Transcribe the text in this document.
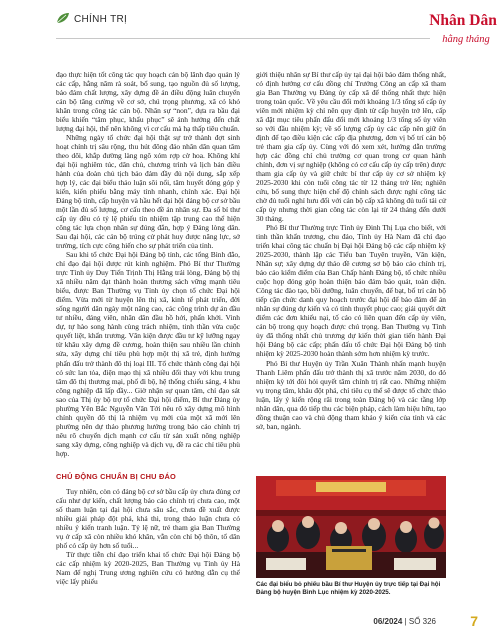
CHÍNH TRỊ	Nhân Dân
hằng tháng

đạo thực hiện tốt công tác quy hoạch cán bộ lãnh đạo quản lý các cấp, hằng năm rà soát, bổ sung, tạo nguồn đủ số lượng, bảo đảm chất lượng, xây dựng đề án điều động luân chuyển cán bộ tăng cường về cơ sở, chú trọng phương, xã có khó khăn trong công tác cán bộ. Nhân sự “non”, dựa ra bầu đại biểu khiến “tâm phục, khẩu phục” sẽ ảnh hưởng đến chất lượng đại hội, thể nên không vì cơ cấu mà hạ thấp tiêu chuẩn.

Những ngày tổ chức đại hội thật sự trở thành đợt sinh hoạt chính trị sâu rộng, thu hút đông đảo nhân dân quan tâm theo dõi, khắp đường làng ngõ xóm rợp cờ hoa. Không khí đại hội nghiêm túc, dân chủ, chương trình và lịch bản điều hành của đoàn chủ tịch bảo đảm đầy đủ nội dung, sắp xếp hợp lý, các đại biểu thảo luận sôi nổi, tâm huyết đóng góp ý kiến, kiến phiếu bằng máy tính nhanh, chính xác. Đại hội Đảng bộ tỉnh, cấp huyện và hầu hết đại hội đảng bộ cơ sở bầu một lần đủ số lượng, cơ cấu theo đề án nhân sự. Đa số bí thư cấp ủy đều có tỷ lệ phiếu tín nhiệm tập trung cao thể hiện công tác lựa chọn nhân sự đúng đắn, hợp ý Đảng lòng dân. Sau đại hội, các cán bộ trúng cử phát huy được năng lực, sở trường, tích cực công hiến cho sự phát triển của tỉnh.

Sau khi tổ chức Đại hội Đảng bộ tỉnh, các tổng Bình đẳo, chỉ đạo đại hội được rút kinh nghiệm. Phó Bí thư Thường trực Tỉnh ủy Duy Tiến Trịnh Thị Hằng trải lòng, Đảng bộ thị xã nhiều năm đạt thành hoàn thương sách vững mạnh tiêu biểu, được Ban Thường vụ Tỉnh ủy chọn tổ chức Đại hội điểm. Vừa mới từ huyện lên thị xã, kinh tế phát triển, đời sống người dân ngày một nâng cao, các công trình dự án đầu tư nhiều, đáng viên, nhân dân đầu hồ hởi, phấn khởi. Vinh dự, tự hào song hành cùng trách nhiệm, tinh thần vừa cuộc quyết liệt, khẩn trương. Văn kiện được đầu tư kỹ lưỡng ngay từ khâu xây dựng đề cương, hoàn thiện sau nhiều lần chỉnh sửa, xây dựng chỉ tiêu phù hợp một thị xã trẻ, định hướng phấn đấu trở thành đô thị loại III. Tổ chức thành công đại hội có sức lan tỏa, điện mạo thị xã nhiều đổi thay với khu trung tâm đô thị thương mại, phố đi bộ, hệ thống chiếu sáng, 4 khu công nghiệp đã lấp đầy... Giờ nhận sự quan tâm, chỉ đạo sát sao của Thị ủy bộ trợ tổ chức Đại hội điểm, Bí thư Đảng ủy phường Yên Bắc Nguyễn Văn Tới nêu rõ xây dựng mô hình chính quyền đô thị là nhiệm vụ mới của một xã mới lên phường nên dự thảo phương hướng trong báo cáo chính trị nêu rõ chuyển dịch mạnh cơ cấu từ sản xuất nông nghiệp sang xây dựng, công nghiệp và dịch vụ, đề ra các chỉ tiêu phù hợp.

CHỦ ĐỘNG CHUẨN BỊ CHU ĐÁO

Tuy nhiên, còn có đảng bộ cơ sở bầu cấp ủy chưa đủng cơ cấu như dự kiến, chất lượng báo cáo chính trị chưa cao, một số tham luận tại đại hội chưa sâu sắc, chưa đề xuất được nhiều giải pháp đột phá, khả thi, trong thảo luận chưa có nhiều ý kiến tranh luận. Tỷ lệ nữ, trẻ tham gia Ban Thường vụ ở cấp xã còn nhiều khó khăn, vẫn còn chỉ bộ thôn, tổ dân phố có cấp ủy hơn số tuổi...

Từ thực tiễn chỉ đạo triển khai tổ chức Đại hội Đảng bộ các cấp nhiệm kỳ 2020-2025, Ban Thường vụ Tỉnh ủy Hà Nam để nghị Trung ương nghiên cứu có hướng dẫn cụ thể việc lấy phiếu

giới thiệu nhân sự Bí thư cấp ủy tại đại hội bảo đảm thống nhất, có định hướng cơ cấu đồng chí Trưởng Công an cấp xã tham gia Ban Thường vụ Đảng ủy cấp xã để thống nhất thực hiện trong toàn quốc. Về yêu cầu đổi mới khoảng 1/3 tổng số cấp ủy viên mới nhiệm kỳ chỉ nên quy định từ cấp huyện trở lên, cấp xã đặt mục tiêu phấn đấu đổi mới khoảng 1/3 tổng số ủy viên so với đầu nhiệm kỳ; về số lượng cấp ủy các cấp nên giữ ổn định để tạo điều kiện các cấp địa phương, đơn vị bố trí cán bộ trẻ tham gia cấp ủy. Cùng với đó xem xét, hướng dẫn trường hợp các đồng chí chủ trường cơ quan trong cơ quan hành chính, đơn vị sự nghiệp (không có cơ cấu cấp ủy cấp trên) được tham gia cấp ủy và giữ chức bí thư cấp ủy cơ sở nhiệm kỳ 2025-2030 khi còn tuổi công tác từ 12 tháng trở lên; nghiên cứu, bổ sung thực hiện chế độ chính sách được nghỉ công tác chờ đủ tuổi nghỉ hưu đối với cán bộ cấp xã không đủ tuổi tái cử cấp ủy nhưng thời gian công tác còn lại từ 24 tháng đến dưới 30 tháng.

Phó Bí thư Thường trực Tỉnh ủy Đinh Thị Lụa cho biết, với tinh thần khẩn trương, chu đáo, Tỉnh ủy Hà Nam đã chỉ đạo triển khai công tác chuẩn bị Đại hội Đảng bộ các cấp nhiệm kỳ 2025-2030, thành lập các Tiểu ban Tuyên truyền, Văn kiện, Nhân sự; xây dựng dự thảo đề cương sơ bộ báo cáo chính trị, báo cáo kiểm điểm của Ban Chấp hành Đảng bộ, tổ chức nhiều cuộc họp đóng góp hoàn thiện báo đảm báo quát, toàn diện. Công tác đào tạo, bồi dưỡng, luân chuyển, để bạt, bố trí cán bộ tiếp cận chức danh quy hoạch trước đại hội để bảo đảm để án nhân sự đúng dự kiến và có tính thuyết phục cao; giải quyết dứt điểm các đơn khiếu nại, tố cáo có liên quan đến cấp ủy viên, cán bộ trong quy hoạch được chú trọng. Ban Thường vụ Tỉnh ủy đã thống nhất chủ trương dự kiến thời gian tiến hành Đại hội Đảng bộ các cấp; phấn đấu tổ chức Đại hội Đảng bộ tỉnh nhiệm kỳ 2025-2030 hoàn thành sớm hơn nhiệm kỳ trước.

Phó Bí thư Huyện ủy Trần Xuân Thành nhấn mạnh huyện Thanh Liêm phấn đấu trở thành thị xã trước năm 2030, do đó nhiệm kỳ tới đòi hỏi quyết tâm chính trị rất cao. Những nhiệm vụ trọng tâm, khâu đột phá, chỉ tiêu cụ thể sẽ được tổ chức thảo luận, lấy ý kiến rộng rãi trong toàn Đảng bộ và các tầng lớp nhân dân, qua đó tiếp thu các biện pháp, cách làm hiệu hữu, tạo đồng thuận cao và chủ động tham khảo ý kiến của tỉnh và các sở, ban, ngành.

Các đại biểu bỏ phiếu bầu Bí thư Huyện ủy trực tiếp tại Đại hội Đảng bộ huyện Bình Lục nhiệm kỳ 2020-2025.
06/2024 | SỐ 326 7
